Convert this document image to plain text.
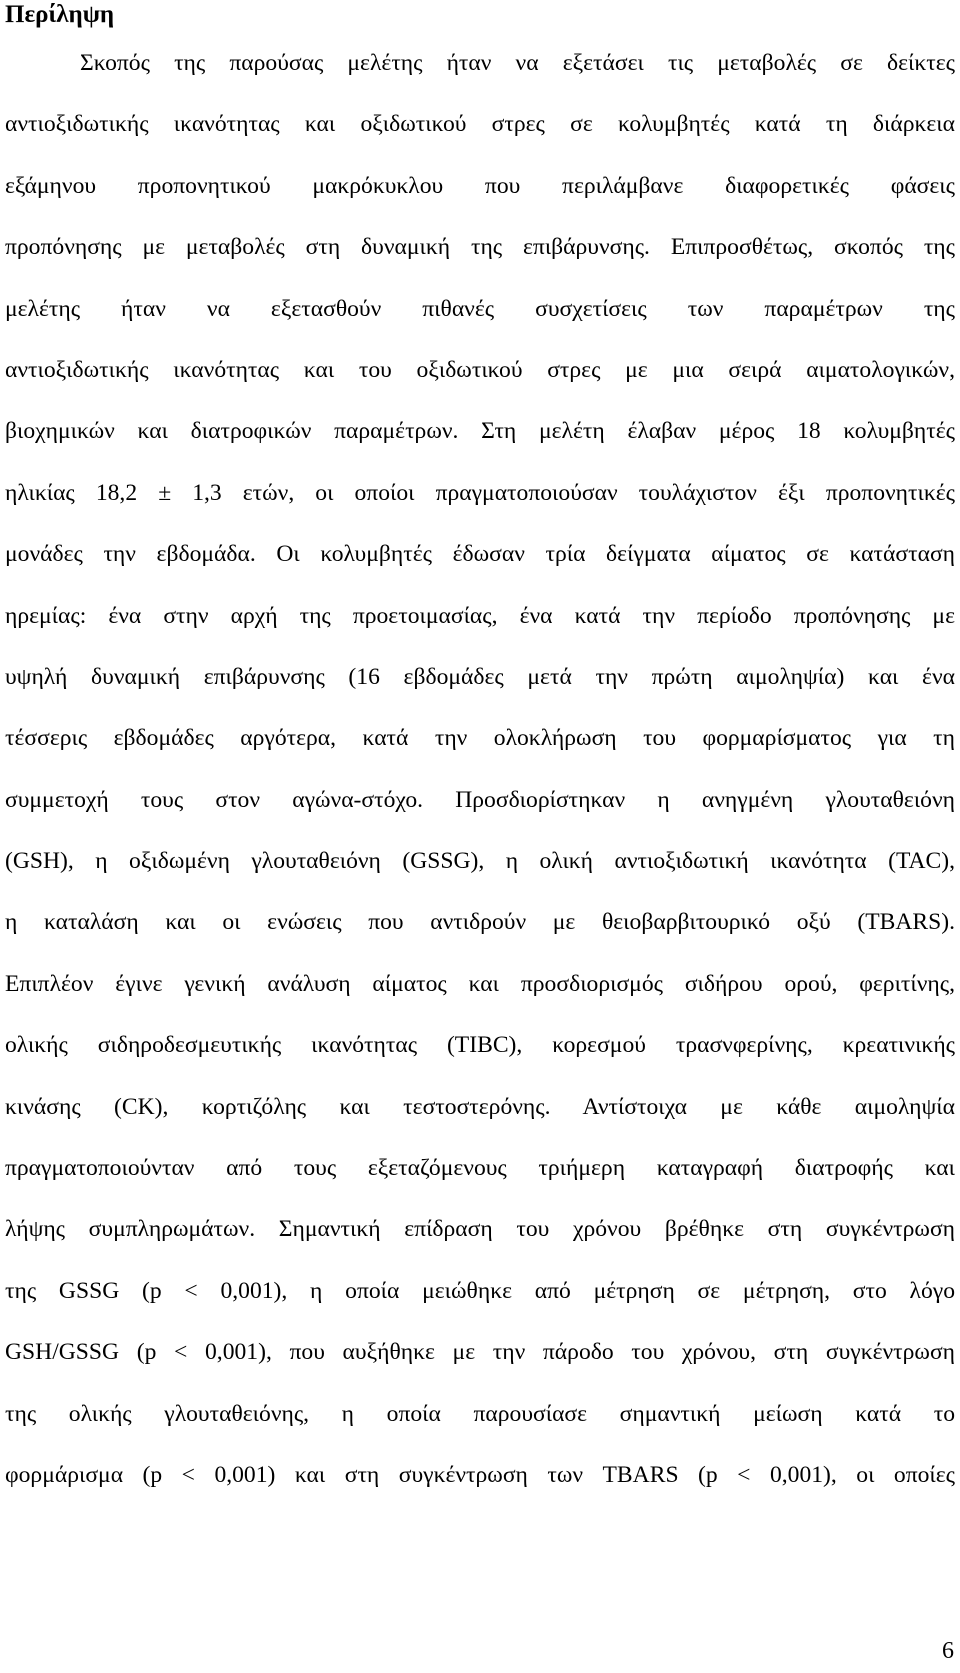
Περίληψη
Σκοπός της παρούσας μελέτης ήταν να εξετάσει τις μεταβολές σε δείκτες
αντιοξιδωτικής ικανότητας και οξιδωτικού στρες σε κολυμβητές κατά τη διάρκεια
εξάμηνου προπονητικού μακρόκυκλου που περιλάμβανε διαφορετικές φάσεις
προπόνησης με μεταβολές στη δυναμική της επιβάρυνσης. Επιπροσθέτως, σκοπός της
μελέτης ήταν να εξετασθούν πιθανές συσχετίσεις των παραμέτρων της
αντιοξιδωτικής ικανότητας και του οξιδωτικού στρες με μια σειρά αιματολογικών,
βιοχημικών και διατροφικών παραμέτρων. Στη μελέτη έλαβαν μέρος 18 κολυμβητές
ηλικίας 18,2 ± 1,3 ετών, οι οποίοι πραγματοποιούσαν τουλάχιστον έξι προπονητικές
μονάδες την εβδομάδα. Οι κολυμβητές έδωσαν τρία δείγματα αίματος σε κατάσταση
ηρεμίας: ένα στην αρχή της προετοιμασίας, ένα κατά την περίοδο προπόνησης με
υψηλή δυναμική επιβάρυνσης (16 εβδομάδες μετά την πρώτη αιμοληψία) και ένα
τέσσερις εβδομάδες αργότερα, κατά την ολοκλήρωση του φορμαρίσματος για τη
συμμετοχή τους στον αγώνα-στόχο. Προσδιορίστηκαν η ανηγμένη γλουταθειόνη
(GSH), η οξιδωμένη γλουταθειόνη (GSSG), η ολική αντιοξιδωτική ικανότητα (TAC),
η καταλάση και οι ενώσεις που αντιδρούν με θειοβαρβιτουρικό οξύ (TBARS).
Επιπλέον έγινε γενική ανάλυση αίματος και προσδιορισμός σιδήρου ορού, φεριτίνης,
ολικής σιδηροδεσμευτικής ικανότητας (TIBC), κορεσμού τρασνφερίνης, κρεατινικής
κινάσης (CK), κορτιζόλης και τεστοστερόνης. Αντίστοιχα με κάθε αιμοληψία
πραγματοποιούνταν από τους εξεταζόμενους τριήμερη καταγραφή διατροφής και
λήψης συμπληρωμάτων. Σημαντική επίδραση του χρόνου βρέθηκε στη συγκέντρωση
της GSSG (p < 0,001), η οποία μειώθηκε από μέτρηση σε μέτρηση, στο λόγο
GSH/GSSG (p < 0,001), που αυξήθηκε με την πάροδο του χρόνου, στη συγκέντρωση
της ολικής γλουταθειόνης, η οποία παρουσίασε σημαντική μείωση κατά το
φορμάρισμα (p < 0,001) και στη συγκέντρωση των TBARS (p < 0,001), οι οποίες
6
